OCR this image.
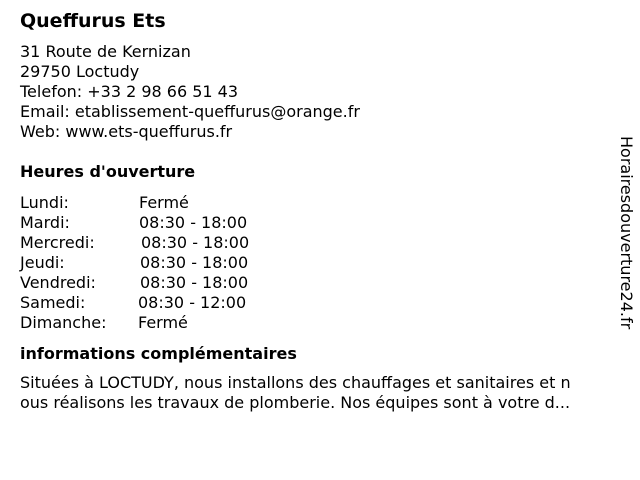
Queffurus Ets
31 Route de Kernizan
29750 Loctudy
Telefon: +33 2 98 66 51 43
Email: etablissement-queffurus@orange.fr
Web: www.ets-queffurus.fr
Heures d'ouverture
Lundi:	Fermé
Mardi:	08:30 - 18:00
Mercredi:	08:30 - 18:00
Jeudi:	08:30 - 18:00
Vendredi:	08:30 - 18:00
Samedi:	08:30 - 12:00
Dimanche: Fermé
informations complémentaires
Situées à LOCTUDY, nous installons des chauffages et sanitaires et n
ous réalisons les travaux de plomberie. Nos équipes sont à votre d...
Horairesdouverture24.fr
